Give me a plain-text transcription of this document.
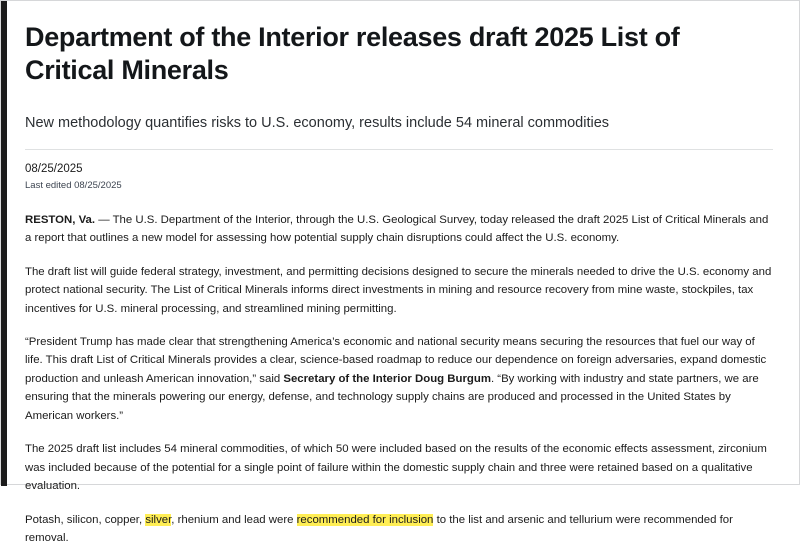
Department of the Interior releases draft 2025 List of Critical Minerals
New methodology quantifies risks to U.S. economy, results include 54 mineral commodities
08/25/2025
Last edited 08/25/2025

RESTON, Va. — The U.S. Department of the Interior, through the U.S. Geological Survey, today released the draft 2025 List of Critical Minerals and a report that outlines a new model for assessing how potential supply chain disruptions could affect the U.S. economy.

The draft list will guide federal strategy, investment, and permitting decisions designed to secure the minerals needed to drive the U.S. economy and protect national security. The List of Critical Minerals informs direct investments in mining and resource recovery from mine waste, stockpiles, tax incentives for U.S. mineral processing, and streamlined mining permitting.

“President Trump has made clear that strengthening America’s economic and national security means securing the resources that fuel our way of life. This draft List of Critical Minerals provides a clear, science-based roadmap to reduce our dependence on foreign adversaries, expand domestic production and unleash American innovation,” said Secretary of the Interior Doug Burgum. “By working with industry and state partners, we are ensuring that the minerals powering our energy, defense, and technology supply chains are produced and processed in the United States by American workers.”

The 2025 draft list includes 54 mineral commodities, of which 50 were included based on the results of the economic effects assessment, zirconium was included because of the potential for a single point of failure within the domestic supply chain and three were retained based on a qualitative evaluation.

Potash, silicon, copper, silver, rhenium and lead were recommended for inclusion to the list and arsenic and tellurium were recommended for removal.
